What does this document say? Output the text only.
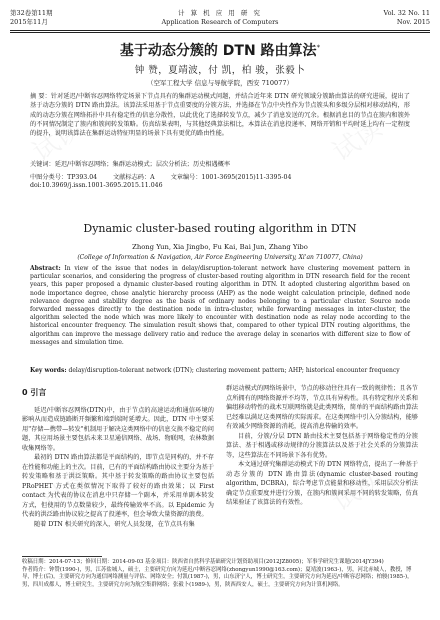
第32卷第11期
2015年11月
计 算 机 应 用 研 究
Application Research of Computers
Vol. 32 No. 11
Nov. 2015
基于动态分簇的 DTN 路由算法*
钟 赞，夏靖波，付 凯，柏 骏，张毅卜
（空军工程大学 信息与导航学院，西安 710077）
摘 要：针对延迟/中断容忍网络特定场景下节点具有的集群运动模式问题，并结合近年来 DTN 研究领域分簇路由算法的研究进展，提出了基于动态分簇的 DTN 路由算法。该算法采用基于节点重要度的分簇方法，并选择在节点中央性作为节点簇头和多级分层相对移动结构，形成的动态分簇在网络拓扑中具有稳定性的信息分散性，以此优化了选择转发节点，减少了消息发送的冗余。根据消息目的节点在簇内和簇外的不同情况制定了簇内和簇间转发策略。仿真结果表明，与其他经典算法相比，本算法在消息投递率、网络开销和平均时延上均有一定程度的提升，说明该算法在集群运动特征明显的场景下具有更优的路由性能。
关键词：延迟/中断容忍网络；集群运动模式；层次分析法；历史相遇概率
中图分类号：TP393.04	文献标志码：A	文章编号：1001-3695(2015)11-3395-04
doi:10.3969/j.issn.1001-3695.2015.11.046
Dynamic cluster-based routing algorithm in DTN
Zhong Yun, Xia Jingbo, Fu Kai, Bai Jun, Zhang Yibo
(College of Information & Navigation, Air Force Engineering University, Xi'an 710077, China)
Abstract: In view of the issue that nodes in delay/disruption-tolerant network have clustering movement pattern in particular scenarios, and considering the progress of cluster-based routing algorithm in DTN research field for the recent years, this paper proposed a dynamic cluster-based routing algorithm in DTN. It adopted clustering algorithm based on node importance degree, chose analytic hierarchy process (AHP) as the node weight calculation principle, defined node relevance degree and stability degree as the basis of ordinary nodes belonging to a particular cluster. Source node forwarded messages directly to the destination node in intra-cluster, while forwarding messages in inter-cluster, the algorithm selected the node which was more likely to encounter with destination node as relay node according to the historical encounter frequency. The simulation result shows that, compared to other typical DTN routing algorithms, the algorithm can improve the message delivery ratio and reduce the average delay in scenarios with different size to flow of messages and simulation time.
Key words: delay/disruption-tolerant network (DTN); clustering movement pattern; AHP; historical encounter frequency
0 引言

延迟/中断容忍网络(DTN)中，由于节点的高速运动和通信环境的影响从而造成链路断开频繁和端到端时延增大。因此，DTN 中主要采用"存储—携带—转发"机制用于解决这类网络中的信息交换不稳定的问题，其应用场景主要包括未来卫星通信网络、战场、物联网，农林数据收集网络等。

最初的 DTN 路由算法都是平面结构的，即节点是同构的，并不存在性能和功能上的主次。目前，已有的平面结构路由协议主要分为基于转发策略和基于洪泛策略。其中基于转发策略的路由协议主要包括 PRoPHET 方式在类似情况下取得了较好的路由效果；以 First contact 为代表的协议在消息中只存储一个副本，并采用单副本转发方式，但使用的节点数量较少，最终传输效率不高。以 Epidemic 为代表的洪泛路由协议较之提高了投递率，但会导致大量资源的浪费。

随着 DTN 相关研究的深入，研究人员发现，在节点具有集

群运动模式的网络场景中，节点的移动往往具有一致的规律性；且各节点所拥有的网络资源并不均等，节点具有异构性。具有特定程序关系和偏组移动特性的战术互联网络就是此类网络，简单的平面结构路由算法已经难以满足这类网络的实际需求。在这类网络中引入分簇结构，能够有效减少网络资源的消耗，提高消息传输的效率。

目前，分簇/分层 DTN 路由技术主要包括基于网络稳定性的分簇算法、基于相遇或移动规律的分簇算法以及基于社会关系的分簇算法等，这些算法在不同场景下各有优势。

本文通过研究集群运动模式下的 DTN 网络特点，提出了一种基于动态分簇的 DTN 路由算法(dynamic cluster-based routing algorithm, DCBRA)，综合考虑节点能量和移动性，采用层次分析法确定节点重要度并进行分簇，在簇内和簇间采用不同的转发策略，仿真结果验证了该算法的有效性。

收稿日期：2014-07-13；修回日期：2014-09-03 基金项目：陕西省自然科学基础研究计划资助项目(2012JZ8005)；军事学研究生课题(2014JY394)
作者简介：钟赞(1990-)，男，江苏盐城人，硕士，主要研究方向为延迟/中断容忍网络(zhongyun1990@163.com)；夏靖波(1963-)，男，河北赤城人，教授，博导，博士(后)，主要研究方向为通信网络测量与评估、网络安全；付凯(1987-)，男，山东济宁人，博士研究生，主要研究方向为延迟/中断容忍网络；柏骏(1985-)，男，四川成都人，博士研究生，主要研究方向为航空集群网络；张毅卜(1989-)，男，陕西西安人，硕士，主要研究方向为计算机网络。
